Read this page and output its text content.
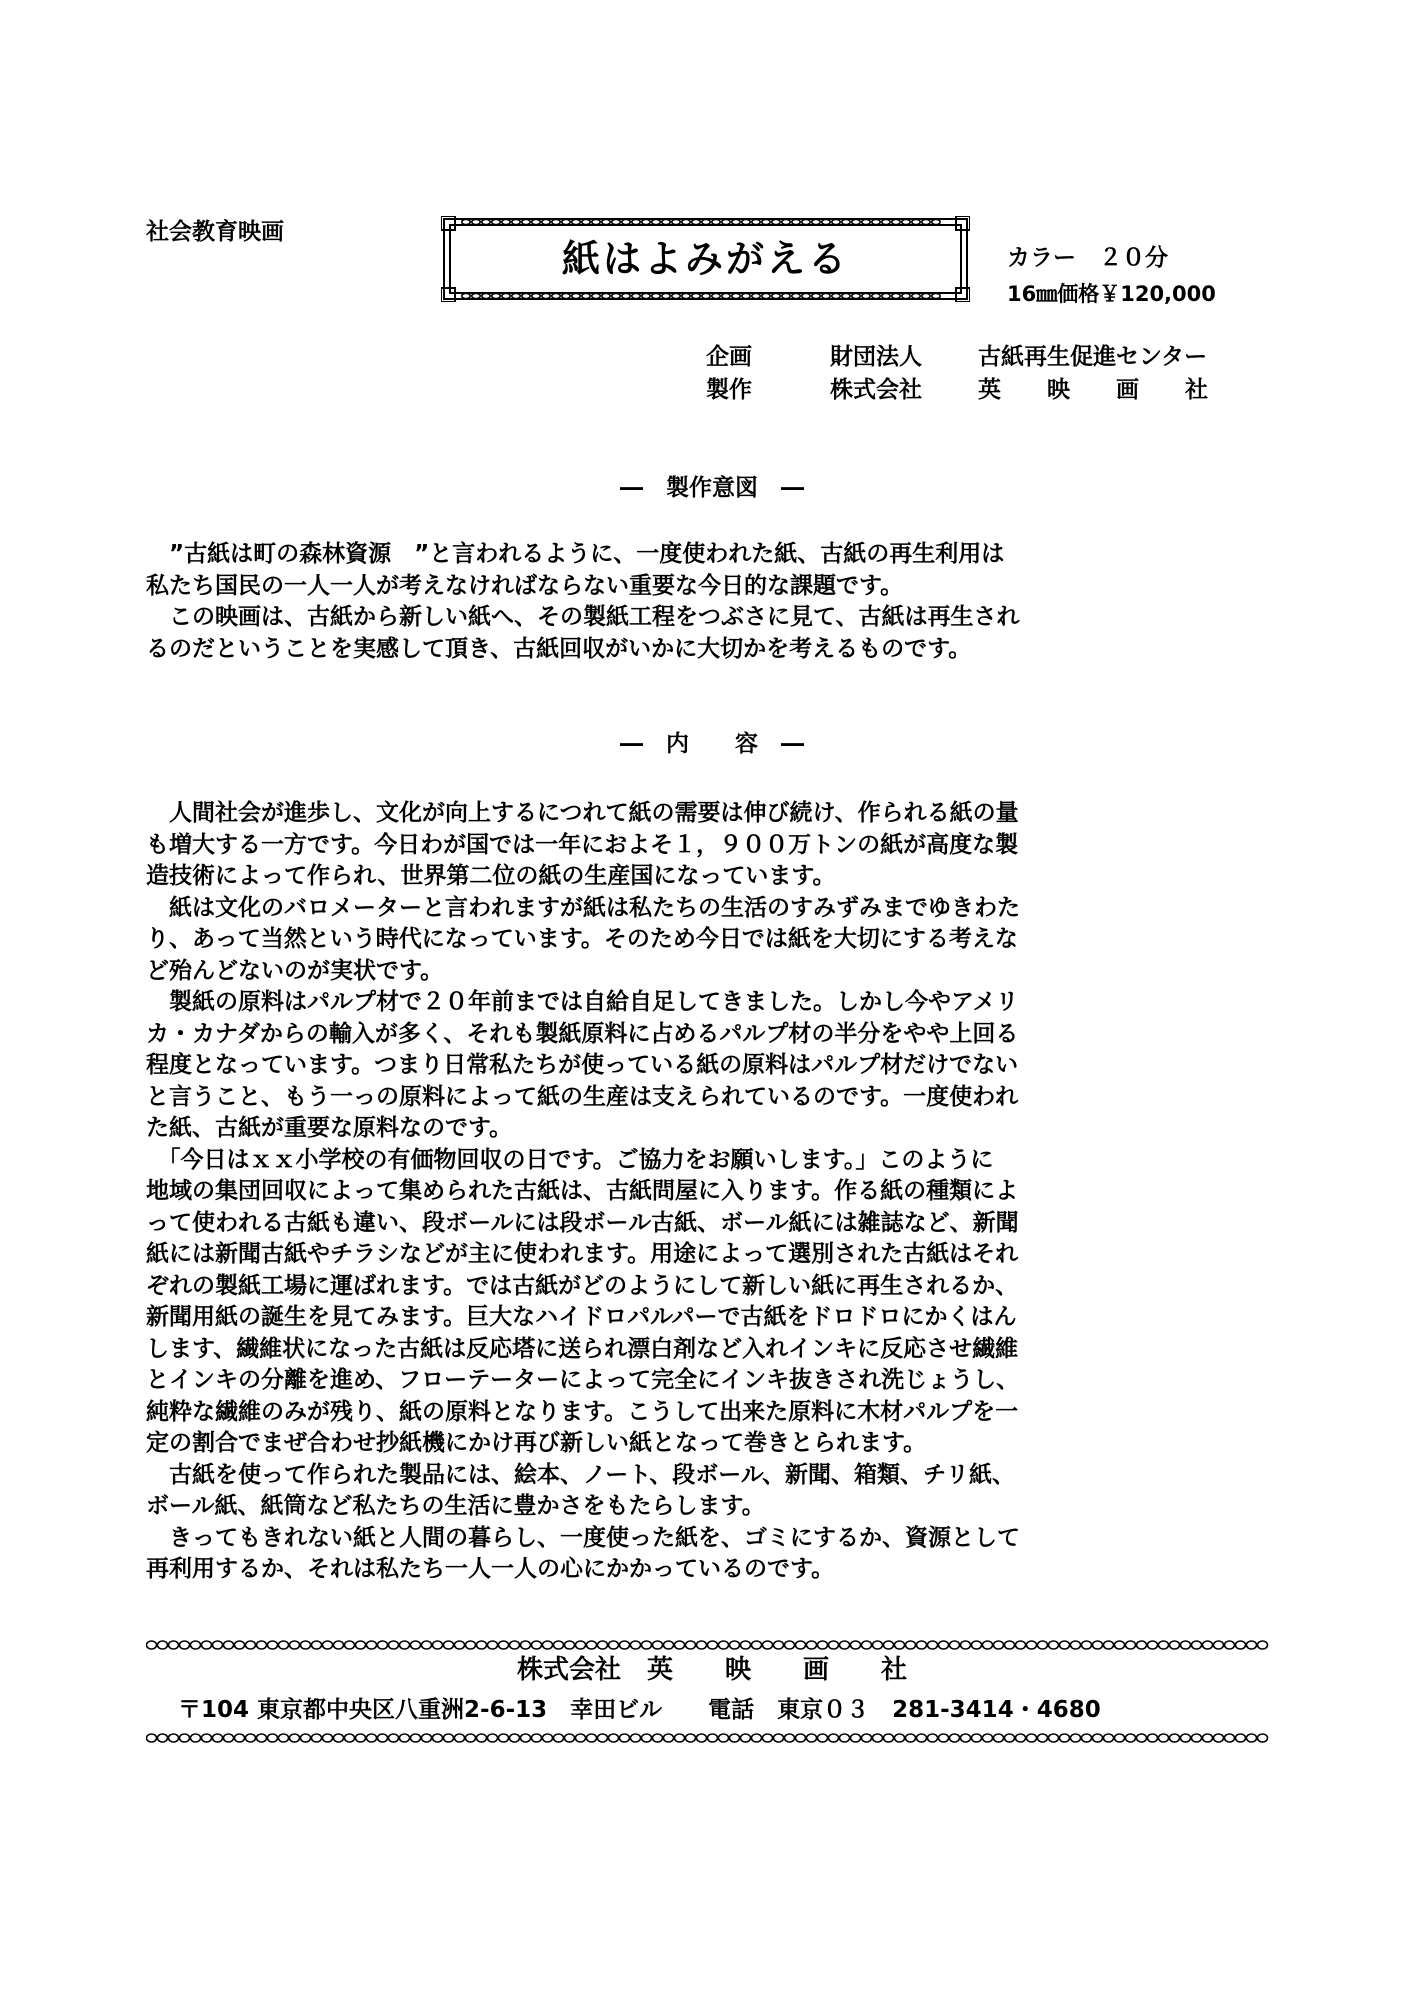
社会教育映画
紙はよみがえる	カラー　２０分
16㎜価格￥120,000
企画	財団法人 古紙再生促進センター
製作	株式会社 英　　映　　画　　社
―　製作意図　―
　”古紙は町の森林資源　”と言われるように、一度使われた紙、古紙の再生利用は
私たち国民の一人一人が考えなければならない重要な今日的な課題です。
　この映画は、古紙から新しい紙へ、その製紙工程をつぶさに見て、古紙は再生され
るのだということを実感して頂き、古紙回収がいかに大切かを考えるものです。
―　内　　容　―
　人間社会が進歩し、文化が向上するにつれて紙の需要は伸び続け、作られる紙の量
も増大する一方です。今日わが国では一年におよそ１，９００万トンの紙が高度な製
造技術によって作られ、世界第二位の紙の生産国になっています。
　紙は文化のバロメーターと言われますが紙は私たちの生活のすみずみまでゆきわた
り、あって当然という時代になっています。そのため今日では紙を大切にする考えな
ど殆んどないのが実状です。
　製紙の原料はパルプ材で２０年前までは自給自足してきました。しかし今やアメリ
カ・カナダからの輸入が多く、それも製紙原料に占めるパルプ材の半分をやや上回る
程度となっています。つまり日常私たちが使っている紙の原料はパルプ材だけでない
と言うこと、もう一っの原料によって紙の生産は支えられているのです。一度使われ
た紙、古紙が重要な原料なのです。
　「今日はｘｘ小学校の有価物回収の日です。ご協力をお願いします。」このように
地域の集団回収によって集められた古紙は、古紙問屋に入ります。作る紙の種類によ
って使われる古紙も違い、段ボールには段ボール古紙、ボール紙には雑誌など、新聞
紙には新聞古紙やチラシなどが主に使われます。用途によって選別された古紙はそれ
ぞれの製紙工場に運ばれます。では古紙がどのようにして新しい紙に再生されるか、
新聞用紙の誕生を見てみます。巨大なハイドロパルパーで古紙をドロドロにかくはん
します、繊維状になった古紙は反応塔に送られ漂白剤など入れインキに反応させ繊維
とインキの分離を進め、フローテーターによって完全にインキ抜きされ洗じょうし、
純粋な繊維のみが残り、紙の原料となります。こうして出来た原料に木材パルプを一
定の割合でまぜ合わせ抄紙機にかけ再び新しい紙となって巻きとられます。
　古紙を使って作られた製品には、絵本、ノート、段ボール、新聞、箱類、チリ紙、
ボール紙、紙筒など私たちの生活に豊かさをもたらします。
　きってもきれない紙と人間の暮らし、一度使った紙を、ゴミにするか、資源として
再利用するか、それは私たち一人一人の心にかかっているのです。
株式会社　英　　映　　画　　社
〒104 東京都中央区八重洲2-6-13　幸田ビル　　電話　東京０３　281-3414・4680
